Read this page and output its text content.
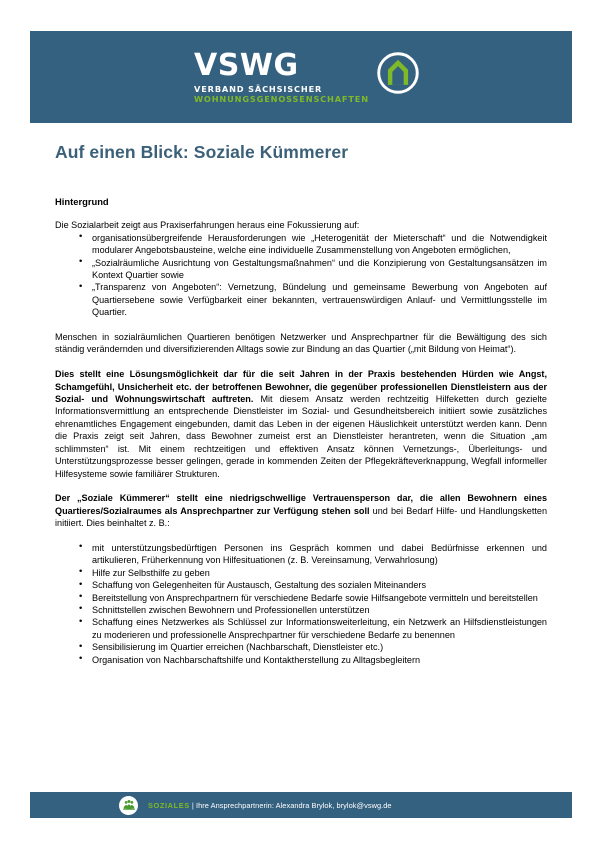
VSWG
VERBAND SÄCHSISCHER
WOHNUNGSGENOSSENSCHAFTEN
Auf einen Blick: Soziale Kümmerer
Hintergrund

Die Sozialarbeit zeigt aus Praxiserfahrungen heraus eine Fokussierung auf:

• organisationsübergreifende Herausforderungen wie „Heterogenität der Mieterschaft“ und die Notwendigkeit modularer Angebotsbausteine, welche eine individuelle Zusammenstellung von Angeboten ermöglichen,
• „Sozialräumliche Ausrichtung von Gestaltungsmaßnahmen“ und die Konzipierung von Gestaltungsansätzen im Kontext Quartier sowie
• „Transparenz von Angeboten“: Vernetzung, Bündelung und gemeinsame Bewerbung von Angeboten auf Quartiersebene sowie Verfügbarkeit einer bekannten, vertrauenswürdigen Anlauf- und Vermittlungsstelle im Quartier.

Menschen in sozialräumlichen Quartieren benötigen Netzwerker und Ansprechpartner für die Bewältigung des sich ständig verändernden und diversifizierenden Alltags sowie zur Bindung an das Quartier („mit Bildung von Heimat“).

Dies stellt eine Lösungsmöglichkeit dar für die seit Jahren in der Praxis bestehenden Hürden wie Angst, Schamgefühl, Unsicherheit etc. der betroffenen Bewohner, die gegenüber professionellen Dienstleistern aus der Sozial- und Wohnungswirtschaft auftreten. Mit diesem Ansatz werden rechtzeitig Hilfeketten durch gezielte Informationsvermittlung an entsprechende Dienstleister im Sozial- und Gesundheitsbereich initiiert sowie zusätzliches ehrenamtliches Engagement eingebunden, damit das Leben in der eigenen Häuslichkeit unterstützt werden kann. Denn die Praxis zeigt seit Jahren, dass Bewohner zumeist erst an Dienstleister herantreten, wenn die Situation „am schlimmsten“ ist. Mit einem rechtzeitigen und effektiven Ansatz können Vernetzungs-, Überleitungs- und Unterstützungsprozesse besser gelingen, gerade in kommenden Zeiten der Pflegekräfteverknappung, Wegfall informeller Hilfesysteme sowie familiärer Strukturen.

Der „Soziale Kümmerer“ stellt eine niedrigschwellige Vertrauensperson dar, die allen Bewohnern eines Quartieres/Sozialraumes als Ansprechpartner zur Verfügung stehen soll und bei Bedarf Hilfe- und Handlungsketten initiiert. Dies beinhaltet z. B.:

• mit unterstützungsbedürftigen Personen ins Gespräch kommen und dabei Bedürfnisse erkennen und artikulieren, Früherkennung von Hilfesituationen (z. B. Vereinsamung, Verwahrlosung)
• Hilfe zur Selbsthilfe zu geben
• Schaffung von Gelegenheiten für Austausch, Gestaltung des sozialen Miteinanders
• Bereitstellung von Ansprechpartnern für verschiedene Bedarfe sowie Hilfsangebote vermitteln und bereitstellen
• Schnittstellen zwischen Bewohnern und Professionellen unterstützen
• Schaffung eines Netzwerkes als Schlüssel zur Informationsweiterleitung, ein Netzwerk an Hilfsdienstleistungen zu moderieren und professionelle Ansprechpartner für verschiedene Bedarfe zu benennen
• Sensibilisierung im Quartier erreichen (Nachbarschaft, Dienstleister etc.)
• Organisation von Nachbarschaftshilfe und Kontaktherstellung zu Alltagsbegleitern
SOZIALES | Ihre Ansprechpartnerin: Alexandra Brylok, brylok@vswg.de
